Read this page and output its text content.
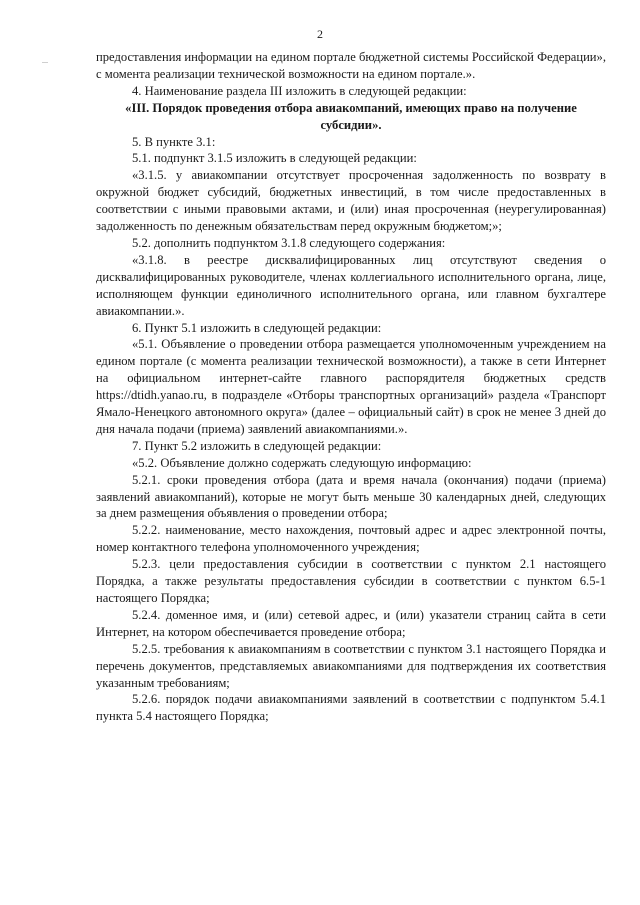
2

предоставления информации на едином портале бюджетной системы Российской Федерации», с момента реализации технической возможности на едином портале.».

4. Наименование раздела III изложить в следующей редакции:

«III. Порядок проведения отбора авиакомпаний, имеющих право на получение субсидии».

5. В пункте 3.1:

5.1. подпункт 3.1.5 изложить в следующей редакции:

«3.1.5. у авиакомпании отсутствует просроченная задолженность по возврату в окружной бюджет субсидий, бюджетных инвестиций, в том числе предоставленных в соответствии с иными правовыми актами, и (или) иная просроченная (неурегулированная) задолженность по денежным обязательствам перед окружным бюджетом;»;

5.2. дополнить подпунктом 3.1.8 следующего содержания:

«3.1.8. в реестре дисквалифицированных лиц отсутствуют сведения о дисквалифицированных руководителе, членах коллегиального исполнительного органа, лице, исполняющем функции единоличного исполнительного органа, или главном бухгалтере авиакомпании.».

6. Пункт 5.1 изложить в следующей редакции:

«5.1. Объявление о проведении отбора размещается уполномоченным учреждением на едином портале (с момента реализации технической возможности), а также в сети Интернет на официальном интернет-сайте главного распорядителя бюджетных средств https://dtidh.yanao.ru, в подразделе «Отборы транспортных организаций» раздела «Транспорт Ямало-Ненецкого автономного округа» (далее – официальный сайт) в срок не менее 3 дней до дня начала подачи (приема) заявлений авиакомпаниями.».

7. Пункт 5.2 изложить в следующей редакции:

«5.2. Объявление должно содержать следующую информацию:

5.2.1. сроки проведения отбора (дата и время начала (окончания) подачи (приема) заявлений авиакомпаний), которые не могут быть меньше 30 календарных дней, следующих за днем размещения объявления о проведении отбора;

5.2.2. наименование, место нахождения, почтовый адрес и адрес электронной почты, номер контактного телефона уполномоченного учреждения;

5.2.3. цели предоставления субсидии в соответствии с пунктом 2.1 настоящего Порядка, а также результаты предоставления субсидии в соответствии с пунктом 6.5-1 настоящего Порядка;

5.2.4. доменное имя, и (или) сетевой адрес, и (или) указатели страниц сайта в сети Интернет, на котором обеспечивается проведение отбора;

5.2.5. требования к авиакомпаниям в соответствии с пунктом 3.1 настоящего Порядка и перечень документов, представляемых авиакомпаниями для подтверждения их соответствия указанным требованиям;

5.2.6. порядок подачи авиакомпаниями заявлений в соответствии с подпунктом 5.4.1 пункта 5.4 настоящего Порядка;
